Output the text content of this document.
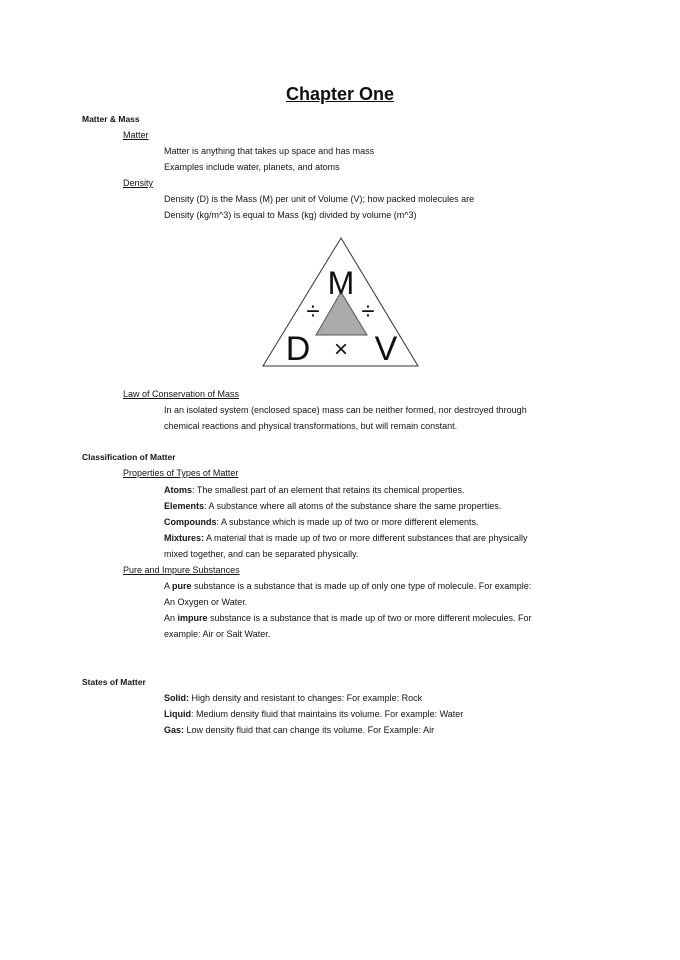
Chapter One
Matter & Mass
Matter
Matter is anything that takes up space and has mass
Examples include water, planets, and atoms
Density
Density (D) is the Mass (M) per unit of Volume (V); how packed molecules are
Density (kg/m^3) is equal to Mass (kg) divided by volume (m^3)
M
÷ ÷
D × V
Law of Conservation of Mass
In an isolated system (enclosed space) mass can be neither formed, nor destroyed through
chemical reactions and physical transformations, but will remain constant.
Classification of Matter
Properties of Types of Matter
Atoms: The smallest part of an element that retains its chemical properties.
Elements: A substance where all atoms of the substance share the same properties.
Compounds: A substance which is made up of two or more different elements.
Mixtures: A material that is made up of two or more different substances that are physically
mixed together, and can be separated physically.
Pure and Impure Substances
A pure substance is a substance that is made up of only one type of molecule. For example:
An Oxygen or Water.
An impure substance is a substance that is made up of two or more different molecules. For
example: Air or Salt Water.
States of Matter
Solid: High density and resistant to changes: For example: Rock
Liquid: Medium density fluid that maintains its volume. For example: Water
Gas: Low density fluid that can change its volume. For Example: Air
